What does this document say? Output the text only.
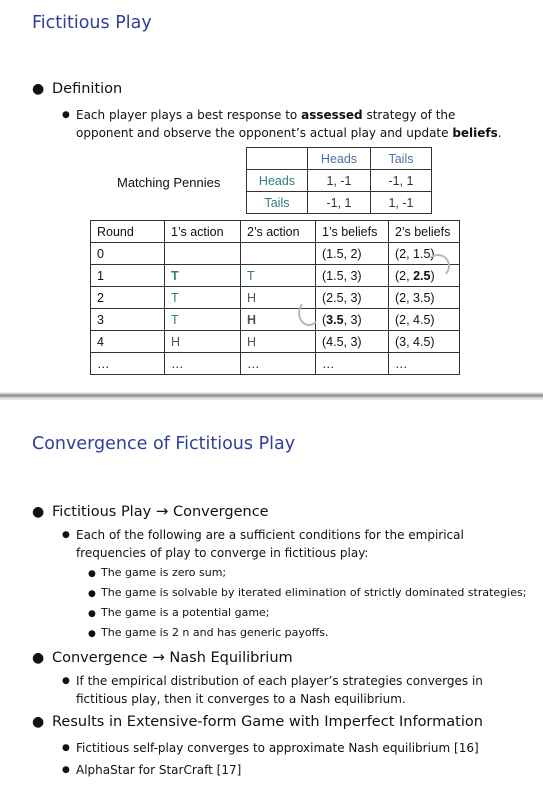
Fictitious Play
● Definition
● Each player plays a best response to assessed strategy of the
opponent and observe the opponent’s actual play and update beliefs.
Matching Pennies
	Heads	Tails
Heads	1, -1	-1, 1
Tails	-1, 1	1, -1
Round	1’s action	2’s action	1’s beliefs	2’s beliefs
0			(1.5, 2)	(2, 1.5)
1	T	T	(1.5, 3)	(2, 2.5)
2	T	H	(2.5, 3)	(2, 3.5)
3	T	H	(3.5, 3)	(2, 4.5)
4	H	H	(4.5, 3)	(3, 4.5)
…	…	…	…	…
Convergence of Fictitious Play
● Fictitious Play → Convergence
● Each of the following are a sufficient conditions for the empirical
frequencies of play to converge in fictitious play:
● The game is zero sum;
● The game is solvable by iterated elimination of strictly dominated strategies;
● The game is a potential game;
● The game is 2 n and has generic payoffs.
● Convergence → Nash Equilibrium
● If the empirical distribution of each player’s strategies converges in
fictitious play, then it converges to a Nash equilibrium.
● Results in Extensive-form Game with Imperfect Information
● Fictitious self-play converges to approximate Nash equilibrium [16]
● AlphaStar for StarCraft [17]
